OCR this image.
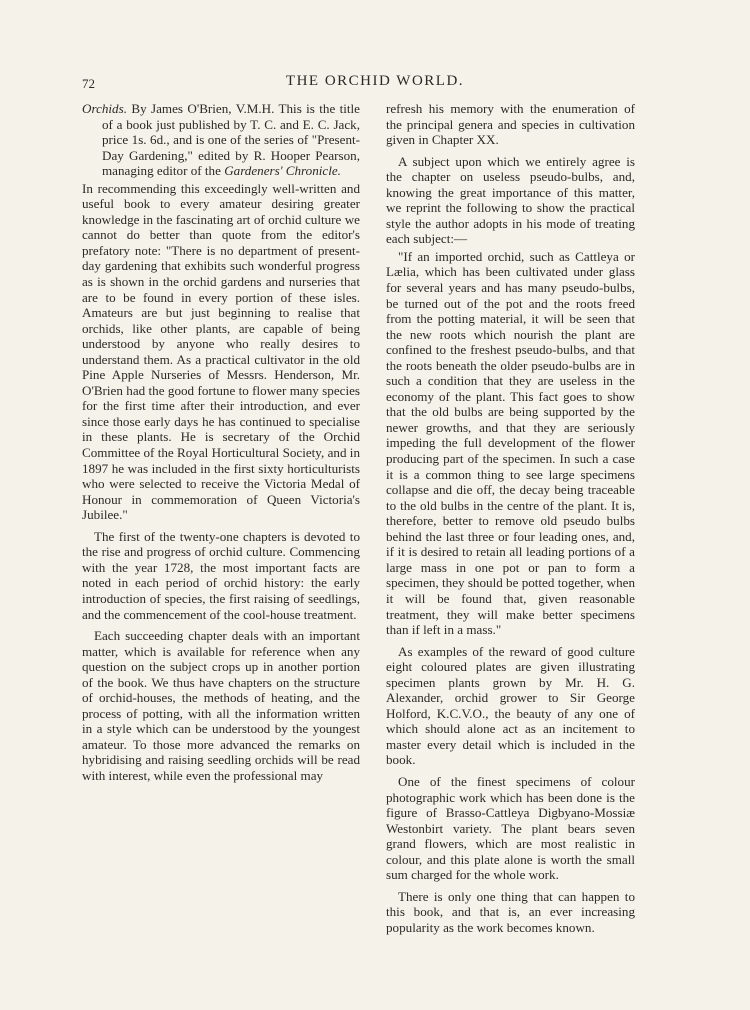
72	THE ORCHID WORLD.
Orchids. By James O'Brien, V.M.H. This is the title of a book just published by T. C. and E. C. Jack, price 1s. 6d., and is one of the series of "Present-Day Gardening," edited by R. Hooper Pearson, managing editor of the Gardeners' Chronicle.
In recommending this exceedingly well-written and useful book to every amateur desiring greater knowledge in the fascinating art of orchid culture we cannot do better than quote from the editor's prefatory note: "There is no department of present-day gardening that exhibits such wonderful progress as is shown in the orchid gardens and nurseries that are to be found in every portion of these isles. Amateurs are but just beginning to realise that orchids, like other plants, are capable of being understood by anyone who really desires to understand them. As a practical cultivator in the old Pine Apple Nurseries of Messrs. Henderson, Mr. O'Brien had the good fortune to flower many species for the first time after their introduction, and ever since those early days he has continued to specialise in these plants. He is secretary of the Orchid Committee of the Royal Horticultural Society, and in 1897 he was included in the first sixty horticulturists who were selected to receive the Victoria Medal of Honour in commemoration of Queen Victoria's Jubilee."
The first of the twenty-one chapters is devoted to the rise and progress of orchid culture. Commencing with the year 1728, the most important facts are noted in each period of orchid history: the early introduction of species, the first raising of seedlings, and the commencement of the cool-house treatment.
Each succeeding chapter deals with an important matter, which is available for reference when any question on the subject crops up in another portion of the book. We thus have chapters on the structure of orchid-houses, the methods of heating, and the process of potting, with all the information written in a style which can be understood by the youngest amateur. To those more advanced the remarks on hybridising and raising seedling orchids will be read with interest, while even the professional may
refresh his memory with the enumeration of the principal genera and species in cultivation given in Chapter XX.
A subject upon which we entirely agree is the chapter on useless pseudo-bulbs, and, knowing the great importance of this matter, we reprint the following to show the practical style the author adopts in his mode of treating each subject:—
"If an imported orchid, such as Cattleya or Lælia, which has been cultivated under glass for several years and has many pseudo-bulbs, be turned out of the pot and the roots freed from the potting material, it will be seen that the new roots which nourish the plant are confined to the freshest pseudo-bulbs, and that the roots beneath the older pseudo-bulbs are in such a condition that they are useless in the economy of the plant. This fact goes to show that the old bulbs are being supported by the newer growths, and that they are seriously impeding the full development of the flower producing part of the specimen. In such a case it is a common thing to see large specimens collapse and die off, the decay being traceable to the old bulbs in the centre of the plant. It is, therefore, better to remove old pseudo bulbs behind the last three or four leading ones, and, if it is desired to retain all leading portions of a large mass in one pot or pan to form a specimen, they should be potted together, when it will be found that, given reasonable treatment, they will make better specimens than if left in a mass."
As examples of the reward of good culture eight coloured plates are given illustrating specimen plants grown by Mr. H. G. Alexander, orchid grower to Sir George Holford, K.C.V.O., the beauty of any one of which should alone act as an incitement to master every detail which is included in the book.
One of the finest specimens of colour photographic work which has been done is the figure of Brasso-Cattleya Digbyano-Mossiæ Westonbirt variety. The plant bears seven grand flowers, which are most realistic in colour, and this plate alone is worth the small sum charged for the whole work.
There is only one thing that can happen to this book, and that is, an ever increasing popularity as the work becomes known.
